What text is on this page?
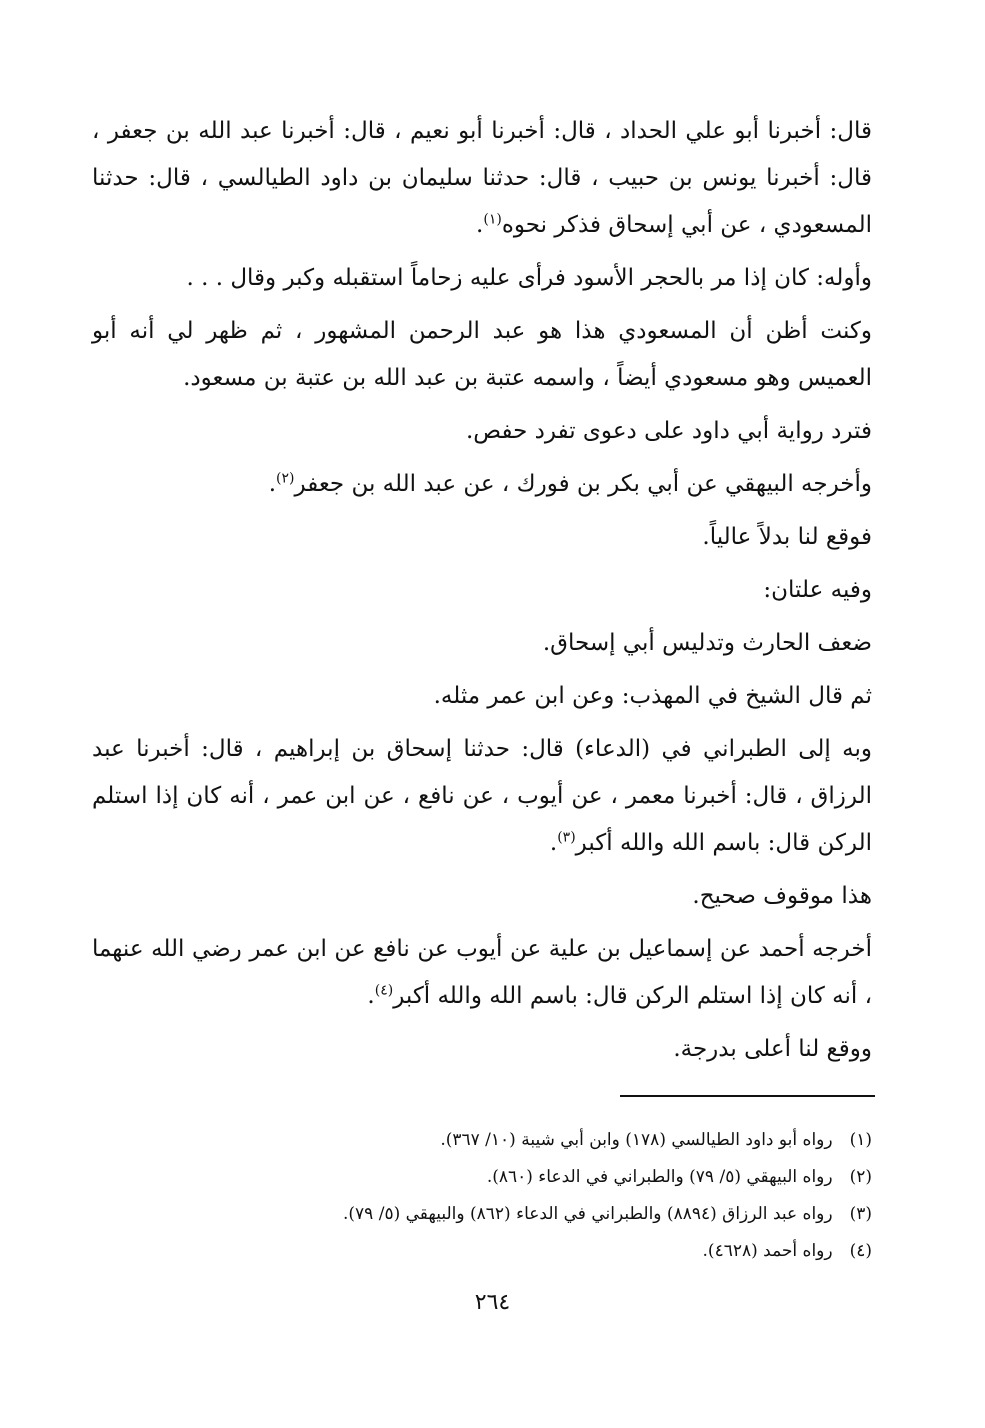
قال: أخبرنا أبو علي الحداد ، قال: أخبرنا أبو نعيم ، قال: أخبرنا عبد الله بن جعفر ، قال: أخبرنا يونس بن حبيب ، قال: حدثنا سليمان بن داود الطيالسي ، قال: حدثنا المسعودي ، عن أبي إسحاق فذكر نحوه$^{(١)}$.

وأوله: كان إذا مر بالحجر الأسود فرأى عليه زحاماً استقبله وكبر وقال . . .

وكنت أظن أن المسعودي هذا هو عبد الرحمن المشهور ، ثم ظهر لي أنه أبو العميس وهو مسعودي أيضاً ، واسمه عتبة بن عبد الله بن عتبة بن مسعود.

فترد رواية أبي داود على دعوى تفرد حفص.

وأخرجه البيهقي عن أبي بكر بن فورك ، عن عبد الله بن جعفر$^{(٢)}$.

فوقع لنا بدلاً عالياً.

وفيه علتان:

ضعف الحارث وتدليس أبي إسحاق.

ثم قال الشيخ في المهذب: وعن ابن عمر مثله.

وبه إلى الطبراني في (الدعاء) قال: حدثنا إسحاق بن إبراهيم ، قال: أخبرنا عبد الرزاق ، قال: أخبرنا معمر ، عن أيوب ، عن نافع ، عن ابن عمر ، أنه كان إذا استلم الركن قال: باسم الله والله أكبر$^{(٣)}$.

هذا موقوف صحيح.

أخرجه أحمد عن إسماعيل بن علية عن أيوب عن نافع عن ابن عمر رضي الله عنهما ، أنه كان إذا استلم الركن قال: باسم الله والله أكبر$^{(٤)}$.

ووقع لنا أعلى بدرجة.

(١) رواه أبو داود الطيالسي (١٧٨) وابن أبي شيبة (١٠/ ٣٦٧).
(٢) رواه البيهقي (٥/ ٧٩) والطبراني في الدعاء (٨٦٠).
(٣) رواه عبد الرزاق (٨٨٩٤) والطبراني في الدعاء (٨٦٢) والبيهقي (٥/ ٧٩).
(٤) رواه أحمد (٤٦٢٨).
٢٦٤
